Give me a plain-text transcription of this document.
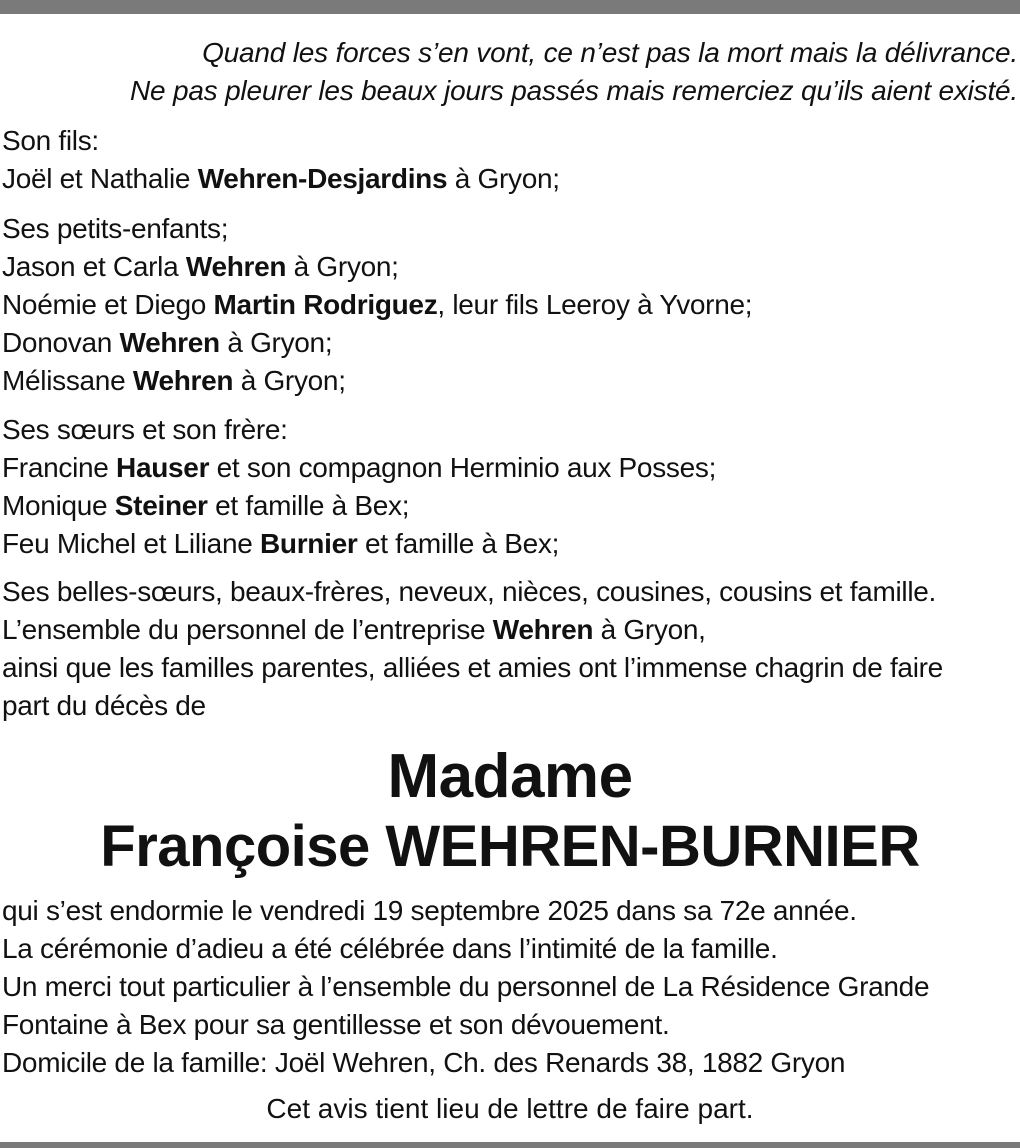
Quand les forces s’en vont, ce n’est pas la mort mais la délivrance.
Ne pas pleurer les beaux jours passés mais remerciez qu’ils aient existé.
Son fils:
Joël et Nathalie Wehren-Desjardins à Gryon;
Ses petits-enfants;
Jason et Carla Wehren à Gryon;
Noémie et Diego Martin Rodriguez, leur fils Leeroy à Yvorne;
Donovan Wehren à Gryon;
Mélissane Wehren à Gryon;
Ses sœurs et son frère:
Francine Hauser et son compagnon Herminio aux Posses;
Monique Steiner et famille à Bex;
Feu Michel et Liliane Burnier et famille à Bex;
Ses belles-sœurs, beaux-frères, neveux, nièces, cousines, cousins et famille.
L’ensemble du personnel de l’entreprise Wehren à Gryon,
ainsi que les familles parentes, alliées et amies ont l’immense chagrin de faire
part du décès de
Madame
Françoise WEHREN-BURNIER
qui s’est endormie le vendredi 19 septembre 2025 dans sa 72e année.
La cérémonie d’adieu a été célébrée dans l’intimité de la famille.
Un merci tout particulier à l’ensemble du personnel de La Résidence Grande
Fontaine à Bex pour sa gentillesse et son dévouement.
Domicile de la famille: Joël Wehren, Ch. des Renards 38, 1882 Gryon
Cet avis tient lieu de lettre de faire part.
